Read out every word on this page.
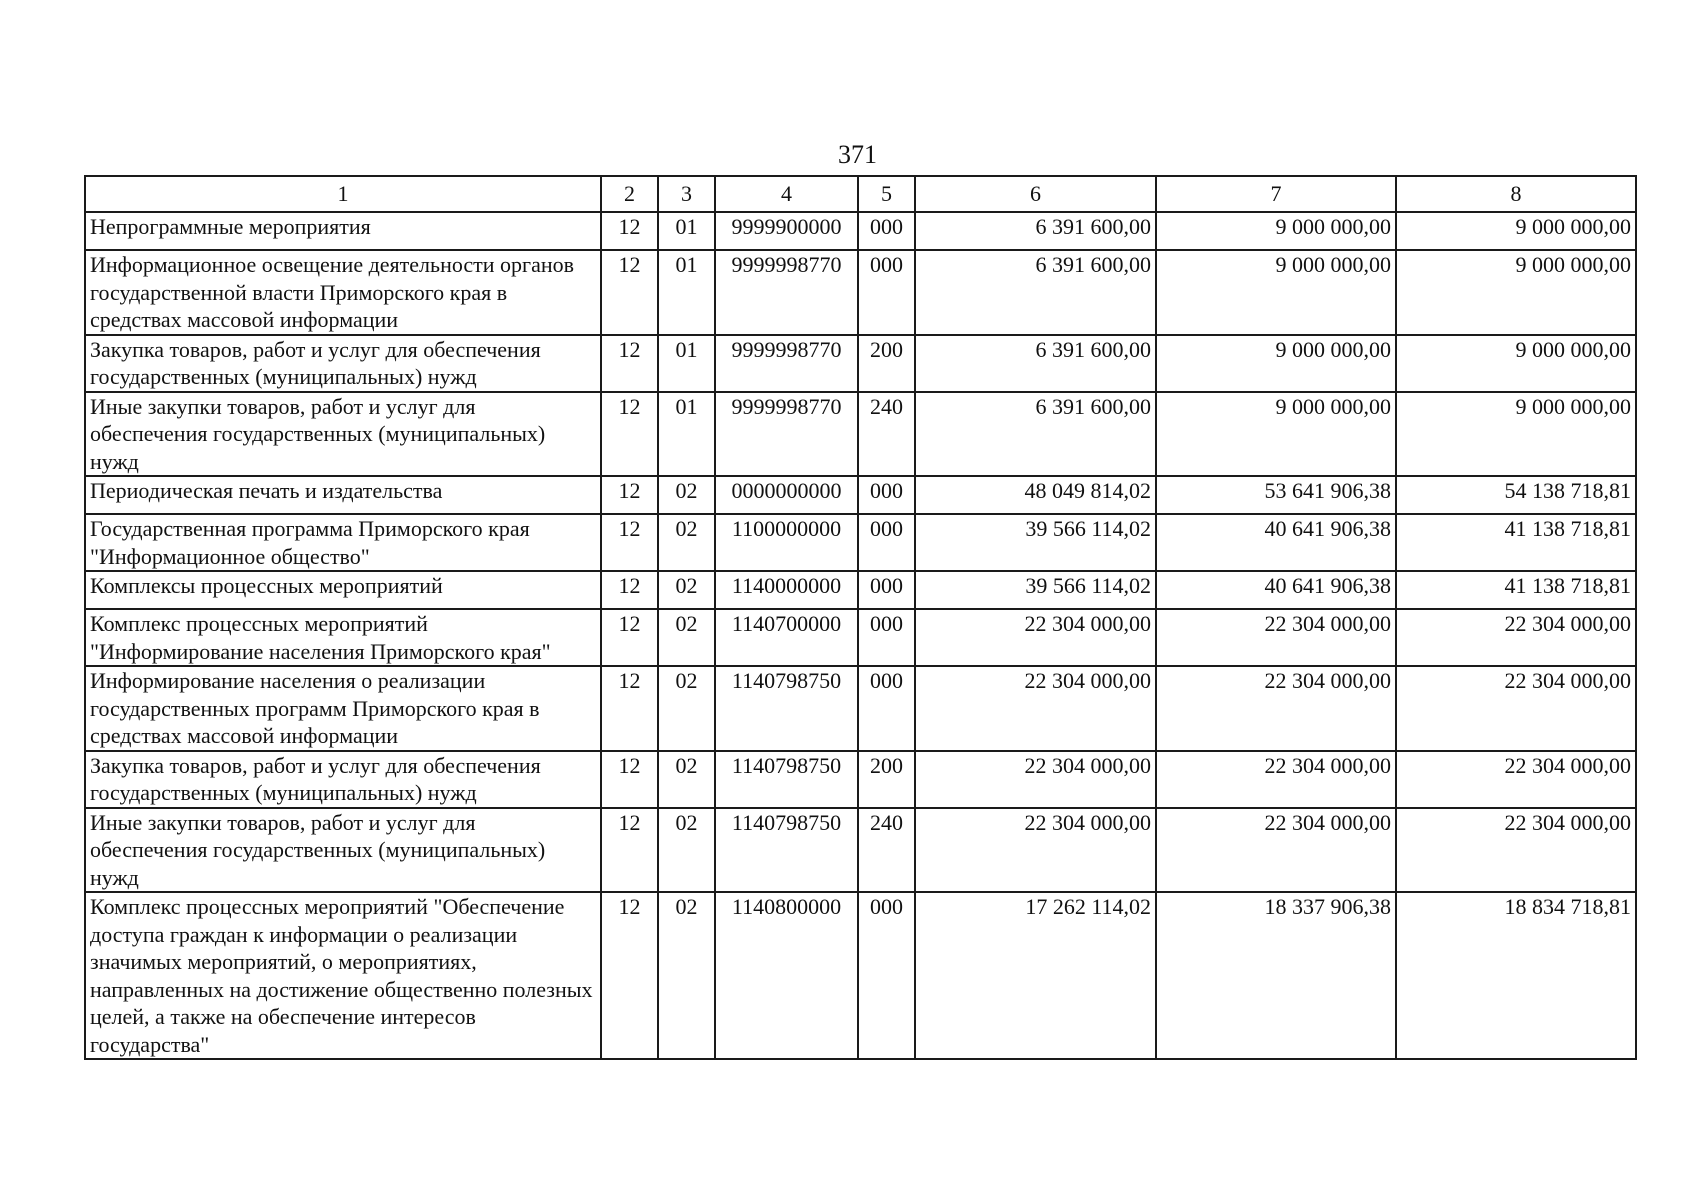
371
1	2	3	4	5	6	7	8
Непрограммные мероприятия	12	01	9999900000	000	6 391 600,00	9 000 000,00	9 000 000,00
Информационное освещение деятельности органов государственной власти Приморского края в средствах массовой информации	12	01	9999998770	000	6 391 600,00	9 000 000,00	9 000 000,00
Закупка товаров, работ и услуг для обеспечения государственных (муниципальных) нужд	12	01	9999998770	200	6 391 600,00	9 000 000,00	9 000 000,00
Иные закупки товаров, работ и услуг для обеспечения государственных (муниципальных) нужд	12	01	9999998770	240	6 391 600,00	9 000 000,00	9 000 000,00
Периодическая печать и издательства	12	02	0000000000	000	48 049 814,02	53 641 906,38	54 138 718,81
Государственная программа Приморского края "Информационное общество"	12	02	1100000000	000	39 566 114,02	40 641 906,38	41 138 718,81
Комплексы процессных мероприятий	12	02	1140000000	000	39 566 114,02	40 641 906,38	41 138 718,81
Комплекс процессных мероприятий "Информирование населения Приморского края"	12	02	1140700000	000	22 304 000,00	22 304 000,00	22 304 000,00
Информирование населения о реализации государственных программ Приморского края в средствах массовой информации	12	02	1140798750	000	22 304 000,00	22 304 000,00	22 304 000,00
Закупка товаров, работ и услуг для обеспечения государственных (муниципальных) нужд	12	02	1140798750	200	22 304 000,00	22 304 000,00	22 304 000,00
Иные закупки товаров, работ и услуг для обеспечения государственных (муниципальных) нужд	12	02	1140798750	240	22 304 000,00	22 304 000,00	22 304 000,00
Комплекс процессных мероприятий "Обеспечение доступа граждан к информации о реализации значимых мероприятий, о мероприятиях, направленных на достижение общественно полезных целей, а также на обеспечение интересов государства"	12	02	1140800000	000	17 262 114,02	18 337 906,38	18 834 718,81
